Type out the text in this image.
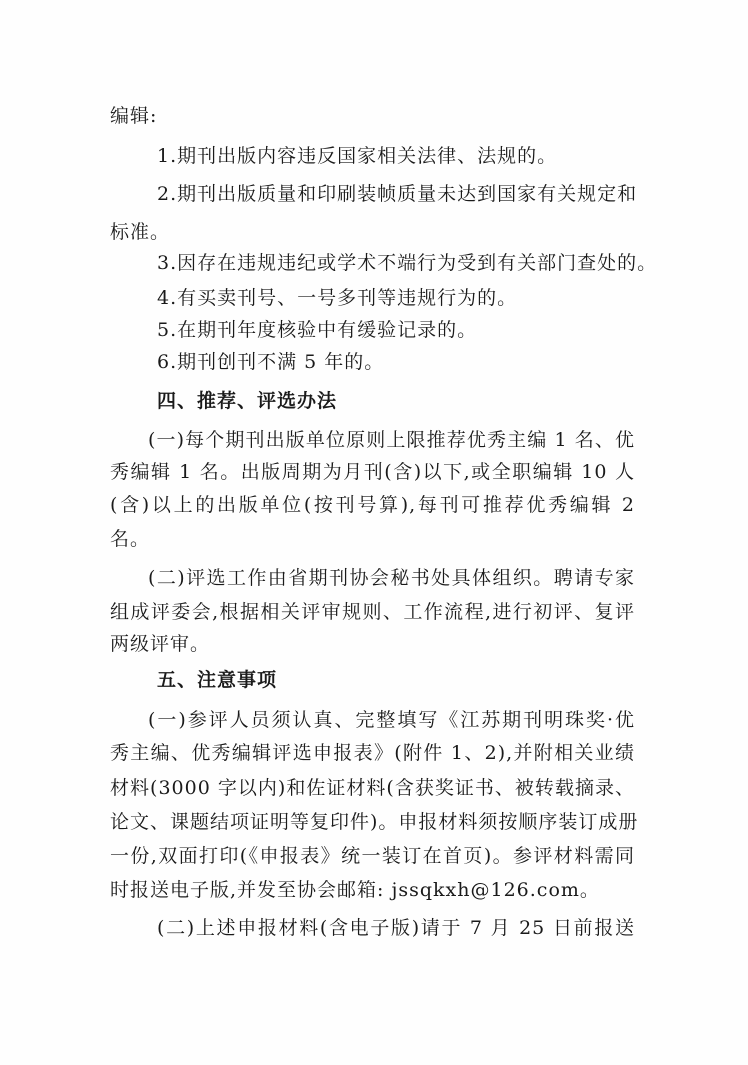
编辑:
1.期刊出版内容违反国家相关法律、法规的。
2.期刊出版质量和印刷装帧质量未达到国家有关规定和
标准。
3.因存在违规违纪或学术不端行为受到有关部门查处的。
4.有买卖刊号、一号多刊等违规行为的。
5.在期刊年度核验中有缓验记录的。
6.期刊创刊不满 5 年的。
四、推荐、评选办法
(一)每个期刊出版单位原则上限推荐优秀主编 1 名、优
秀编辑 1 名。出版周期为月刊(含)以下,或全职编辑 10 人
(含)以上的出版单位(按刊号算),每刊可推荐优秀编辑 2
名。
(二)评选工作由省期刊协会秘书处具体组织。聘请专家
组成评委会,根据相关评审规则、工作流程,进行初评、复评
两级评审。
五、注意事项
(一)参评人员须认真、完整填写《江苏期刊明珠奖·优
秀主编、优秀编辑评选申报表》(附件 1、2),并附相关业绩
材料(3000 字以内)和佐证材料(含获奖证书、被转载摘录、
论文、课题结项证明等复印件)。申报材料须按顺序装订成册
一份,双面打印(《申报表》统一装订在首页)。参评材料需同
时报送电子版,并发至协会邮箱: jssqkxh@126.com。
(二)上述申报材料(含电子版)请于 7 月 25 日前报送
